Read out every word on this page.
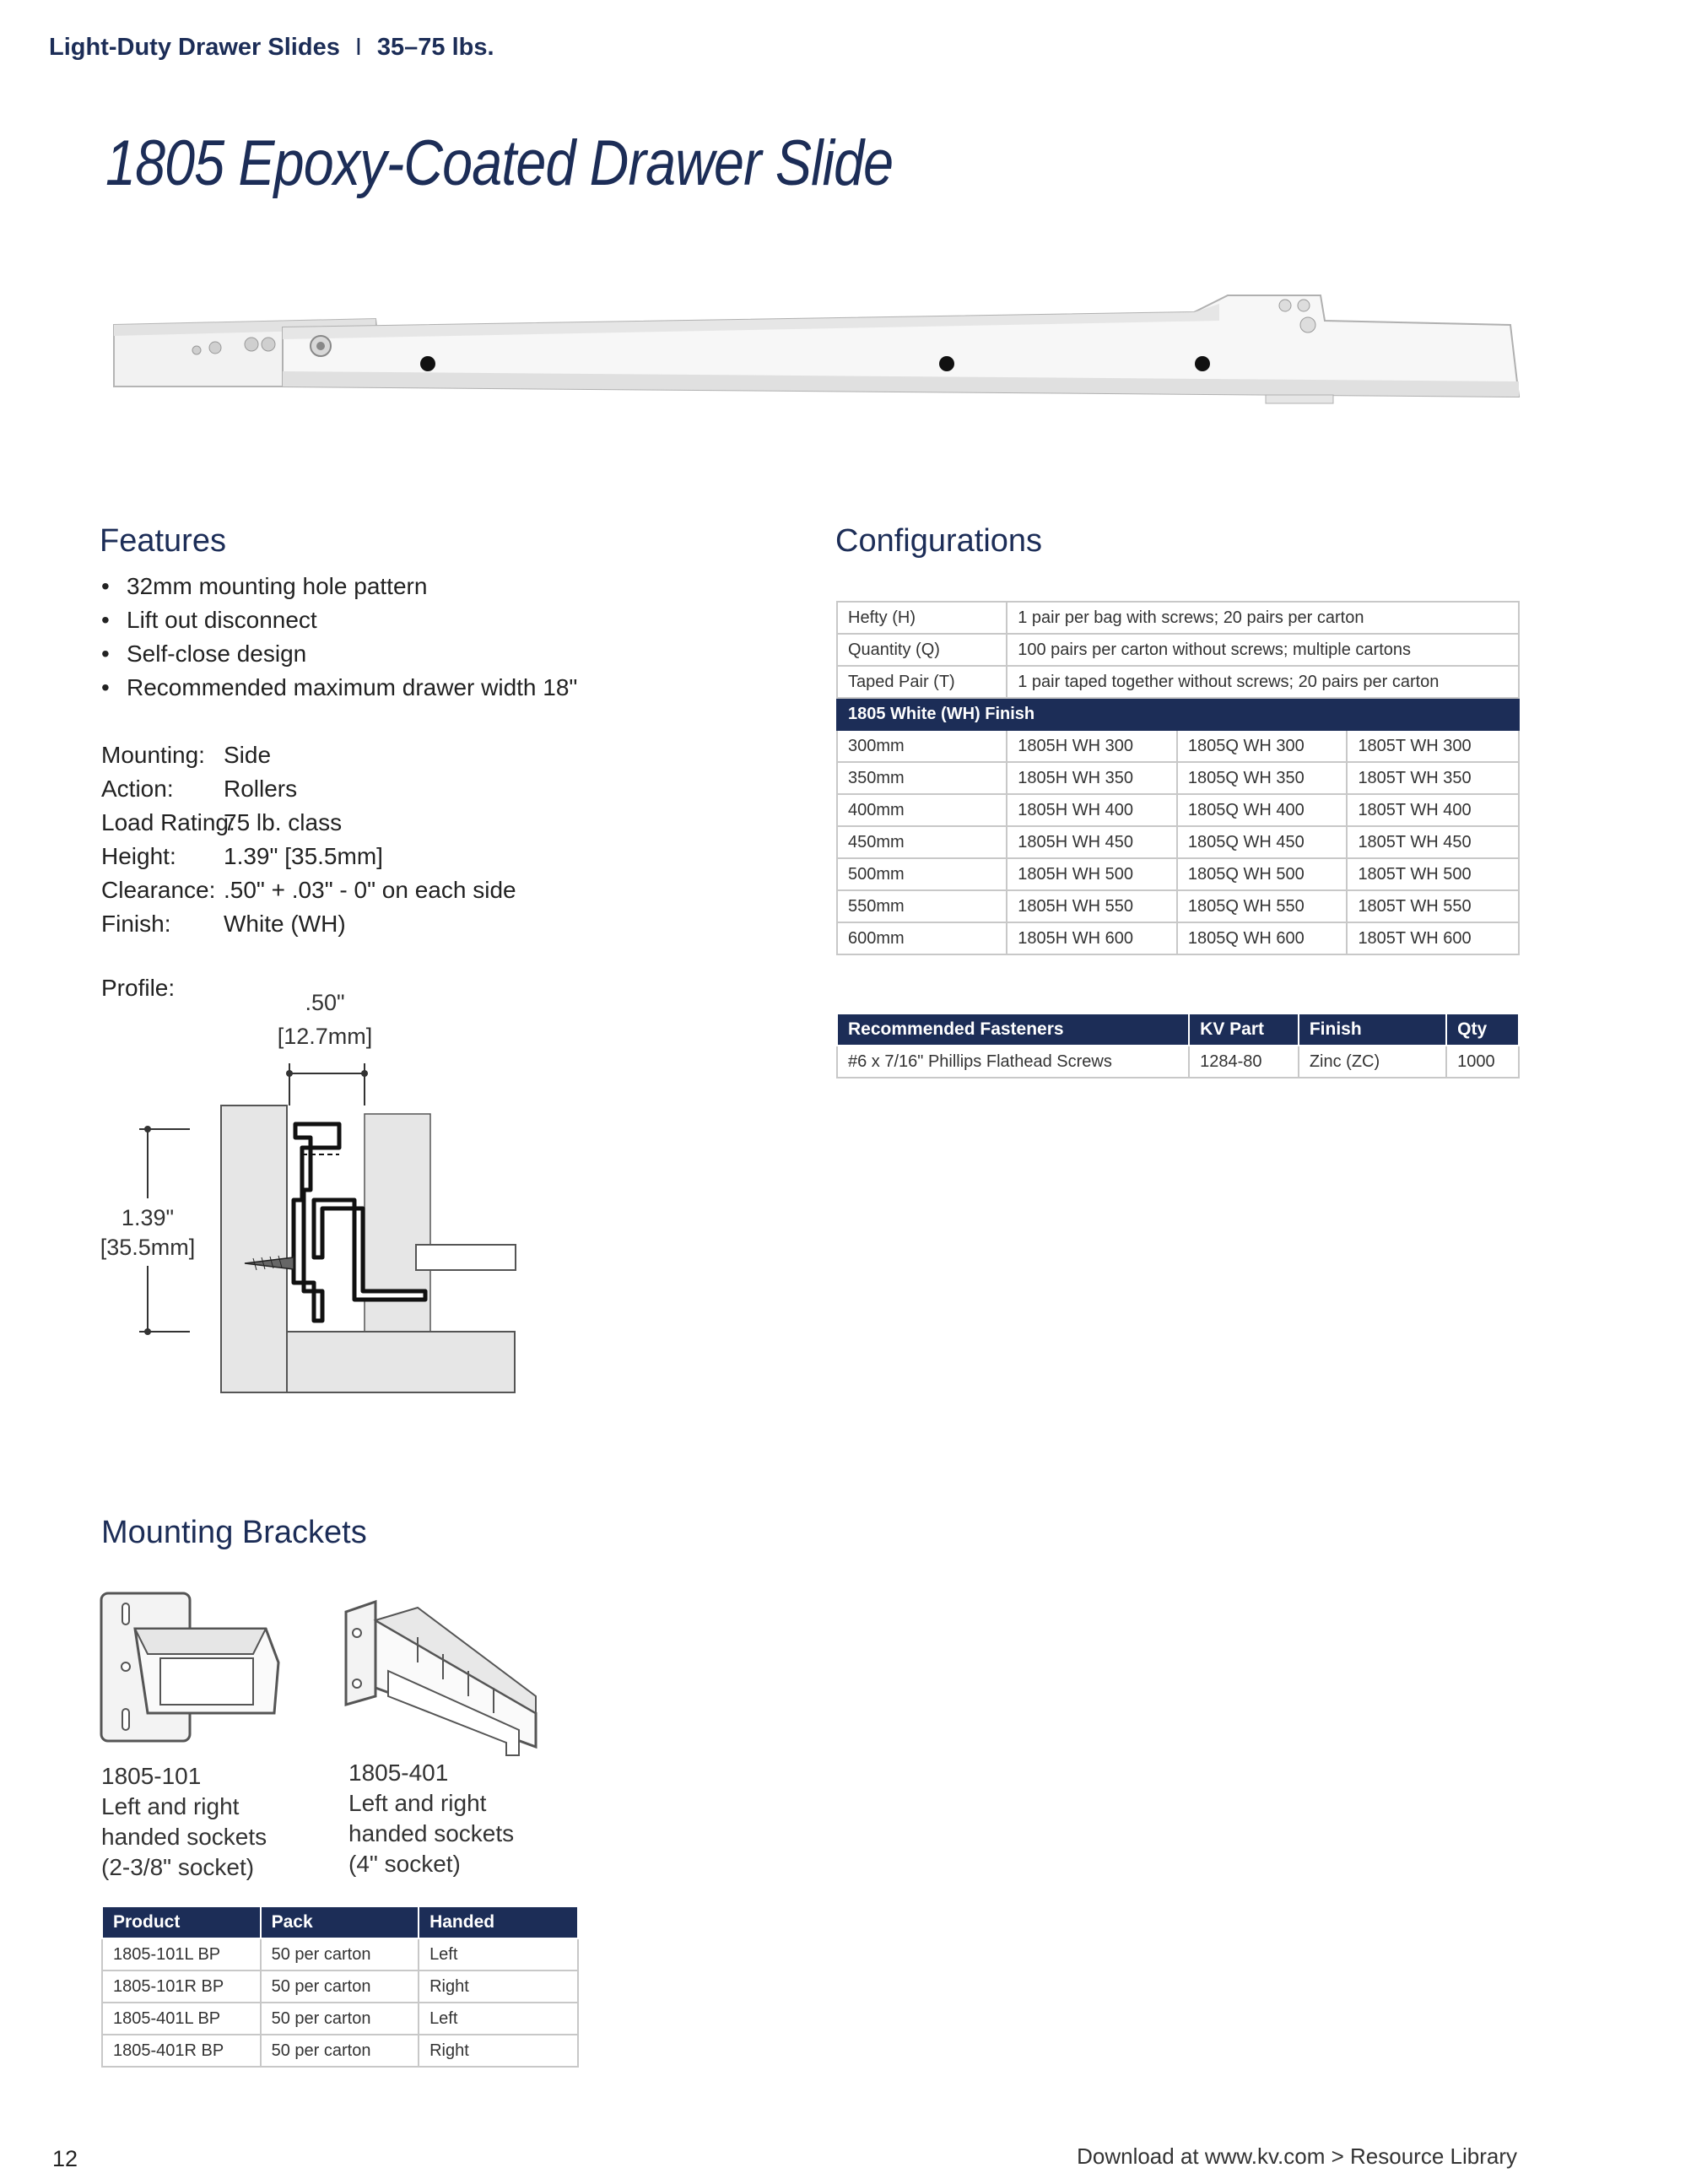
Light-Duty Drawer Slides I 35–75 lbs.
1805 Epoxy-Coated Drawer Slide
Features
• 32mm mounting hole pattern
• Lift out disconnect
• Self-close design
• Recommended maximum drawer width 18"
Mounting: Side
Action: Rollers
Load Rating:75 lb. class
Height: 1.39" [35.5mm]
Clearance: .50" + .03" - 0" on each side
Finish: White (WH)
Profile:
.50"
[12.7mm]
1.39"
[35.5mm]
Configurations
Hefty (H)	1 pair per bag with screws; 20 pairs per carton		
Quantity (Q)	100 pairs per carton without screws; multiple cartons		
Taped Pair (T)	1 pair taped together without screws; 20 pairs per carton		
1805 White (WH) Finish			
300mm	1805H WH 300	1805Q WH 300	1805T WH 300
350mm	1805H WH 350	1805Q WH 350	1805T WH 350
400mm	1805H WH 400	1805Q WH 400	1805T WH 400
450mm	1805H WH 450	1805Q WH 450	1805T WH 450
500mm	1805H WH 500	1805Q WH 500	1805T WH 500
550mm	1805H WH 550	1805Q WH 550	1805T WH 550
600mm	1805H WH 600	1805Q WH 600	1805T WH 600
Recommended Fasteners	KV Part	Finish	Qty
#6 x 7/16" Phillips Flathead Screws	1284-80	Zinc (ZC)	1000
Mounting Brackets
1805-101
Left and right
handed sockets
(2-3/8" socket)
1805-401
Left and right
handed sockets
(4" socket)
Product	Pack	Handed
1805-101L BP	50 per carton	Left
1805-101R BP	50 per carton	Right
1805-401L BP	50 per carton	Left
1805-401R BP	50 per carton	Right
12	Download at www.kv.com > Resource Library
